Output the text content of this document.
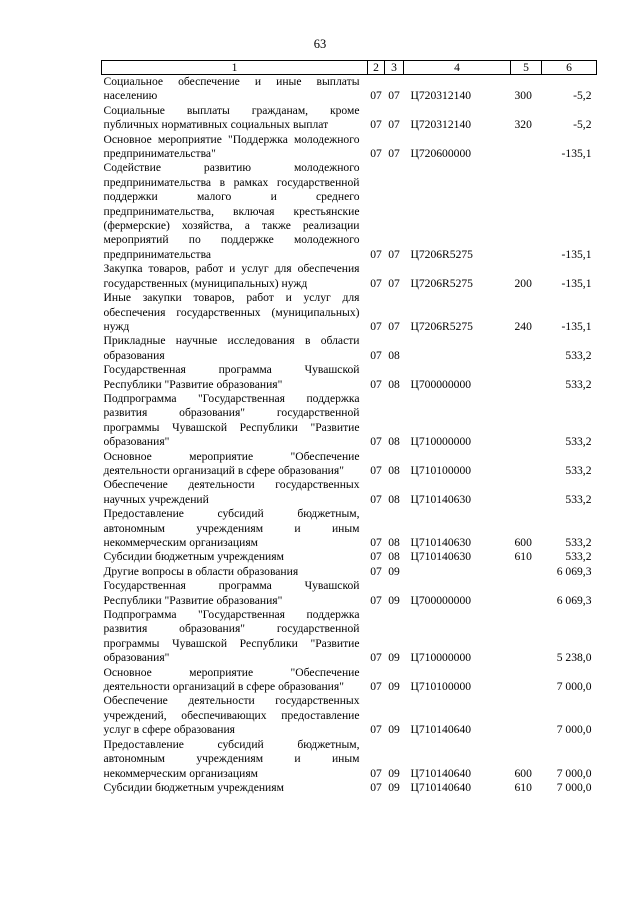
63
1	2	3	4	5	6
Социальное обеспечение и иные выплаты населению	07	07	Ц720312140	300	-5,2
Социальные выплаты гражданам, кроме публичных нормативных социальных выплат	07	07	Ц720312140	320	-5,2
Основное мероприятие "Поддержка молодежного предпринимательства"	07	07	Ц720600000		-135,1
Содействие развитию молодежного предпринимательства в рамках государственной поддержки малого и среднего предпринимательства, включая крестьянские (фермерские) хозяйства, а также реализации мероприятий по поддержке молодежного предпринимательства	07	07	Ц7206R5275		-135,1
Закупка товаров, работ и услуг для обеспечения государственных (муниципальных) нужд	07	07	Ц7206R5275	200	-135,1
Иные закупки товаров, работ и услуг для обеспечения государственных (муниципальных) нужд	07	07	Ц7206R5275	240	-135,1
Прикладные научные исследования в области образования	07	08			533,2
Государственная программа Чувашской Республики "Развитие образования"	07	08	Ц700000000		533,2
Подпрограмма "Государственная поддержка развития образования" государственной программы Чувашской Республики "Развитие образования"	07	08	Ц710000000		533,2
Основное мероприятие "Обеспечение деятельности организаций в сфере образования"	07	08	Ц710100000		533,2
Обеспечение деятельности государственных научных учреждений	07	08	Ц710140630		533,2
Предоставление субсидий бюджетным, автономным учреждениям и иным некоммерческим организациям	07	08	Ц710140630	600	533,2
Субсидии бюджетным учреждениям	07	08	Ц710140630	610	533,2
Другие вопросы в области образования	07	09			6 069,3
Государственная программа Чувашской Республики "Развитие образования"	07	09	Ц700000000		6 069,3
Подпрограмма "Государственная поддержка развития образования" государственной программы Чувашской Республики "Развитие образования"	07	09	Ц710000000		5 238,0
Основное мероприятие "Обеспечение деятельности организаций в сфере образования"	07	09	Ц710100000		7 000,0
Обеспечение деятельности государственных учреждений, обеспечивающих предоставление услуг в сфере образования	07	09	Ц710140640		7 000,0
Предоставление субсидий бюджетным, автономным учреждениям и иным некоммерческим организациям	07	09	Ц710140640	600	7 000,0
Субсидии бюджетным учреждениям	07	09	Ц710140640	610	7 000,0
